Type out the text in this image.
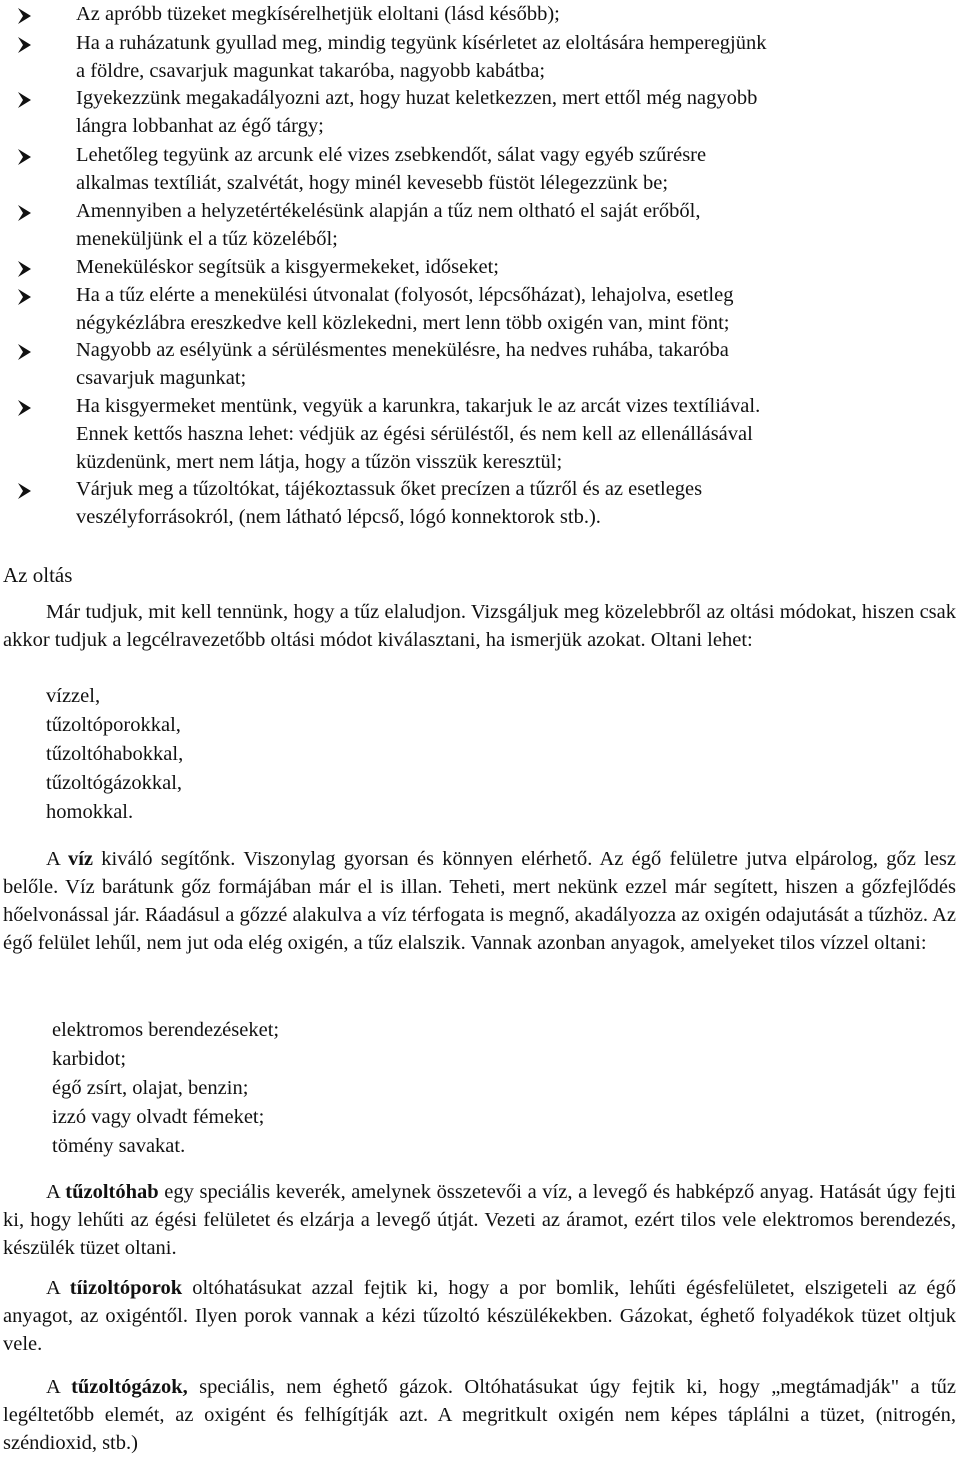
Az apróbb tüzeket megkísérelhetjük eloltani (lásd később);
Ha a ruházatunk gyullad meg, mindig tegyünk kísérletet az eloltására hemperegjünk
a földre, csavarjuk magunkat takaróba, nagyobb kabátba;
Igyekezzünk megakadályozni azt, hogy huzat keletkezzen, mert ettől még nagyobb
lángra lobbanhat az égő tárgy;
Lehetőleg tegyünk az arcunk elé vizes zsebkendőt, sálat vagy egyéb szűrésre
alkalmas textíliát, szalvétát, hogy minél kevesebb füstöt lélegezzünk be;
Amennyiben a helyzetértékelésünk alapján a tűz nem oltható el saját erőből,
meneküljünk el a tűz közeléből;
Meneküléskor segítsük a kisgyermekeket, időseket;
Ha a tűz elérte a menekülési útvonalat (folyosót, lépcsőházat), lehajolva, esetleg
négykézlábra ereszkedve kell közlekedni, mert lenn több oxigén van, mint fönt;
Nagyobb az esélyünk a sérülésmentes menekülésre, ha nedves ruhába, takaróba
csavarjuk magunkat;
Ha kisgyermeket mentünk, vegyük a karunkra, takarjuk le az arcát vizes textíliával.
Ennek kettős haszna lehet: védjük az égési sérüléstől, és nem kell az ellenállásával
küzdenünk, mert nem látja, hogy a tűzön visszük keresztül;
Várjuk meg a tűzoltókat, tájékoztassuk őket precízen a tűzről és az esetleges
veszélyforrásokról, (nem látható lépcső, lógó konnektorok stb.).
Az oltás

Már tudjuk, mit kell tennünk, hogy a tűz elaludjon. Vizsgáljuk meg közelebbről az oltási módokat, hiszen csak akkor tudjuk a legcélravezetőbb oltási módot kiválasztani, ha ismerjük azokat. Oltani lehet:

vízzel,
tűzoltóporokkal,
tűzoltóhabokkal,
tűzoltógázokkal,
homokkal.

A víz kiváló segítőnk. Viszonylag gyorsan és könnyen elérhető. Az égő felületre jutva elpárolog, gőz lesz belőle. Víz barátunk gőz formájában már el is illan. Teheti, mert nekünk ezzel már segített, hiszen a gőzfejlődés hőelvonással jár. Ráadásul a gőzzé alakulva a víz térfogata is megnő, akadályozza az oxigén odajutását a tűzhöz. Az égő felület lehűl, nem jut oda elég oxigén, a tűz elalszik. Vannak azonban anyagok, amelyeket tilos vízzel oltani:

elektromos berendezéseket;
karbidot;
égő zsírt, olajat, benzin;
izzó vagy olvadt fémeket;
tömény savakat.

A tűzoltóhab egy speciális keverék, amelynek összetevői a víz, a levegő és habképző anyag. Hatását úgy fejti ki, hogy lehűti az égési felületet és elzárja a levegő útját. Vezeti az áramot, ezért tilos vele elektromos berendezés, készülék tüzet oltani.

A tíizoltóporok oltóhatásukat azzal fejtik ki, hogy a por bomlik, lehűti égésfelületet, elszigeteli az égő anyagot, az oxigéntől. Ilyen porok vannak a kézi tűzoltó készülékekben. Gázokat, éghető folyadékok tüzet oltjuk vele.

A tűzoltógázok, speciális, nem éghető gázok. Oltóhatásukat úgy fejtik ki, hogy „megtámadják" a tűz legéltetőbb elemét, az oxigént és felhígítják azt. A megritkult oxigén nem képes táplálni a tüzet, (nitrogén, széndioxid, stb.)
